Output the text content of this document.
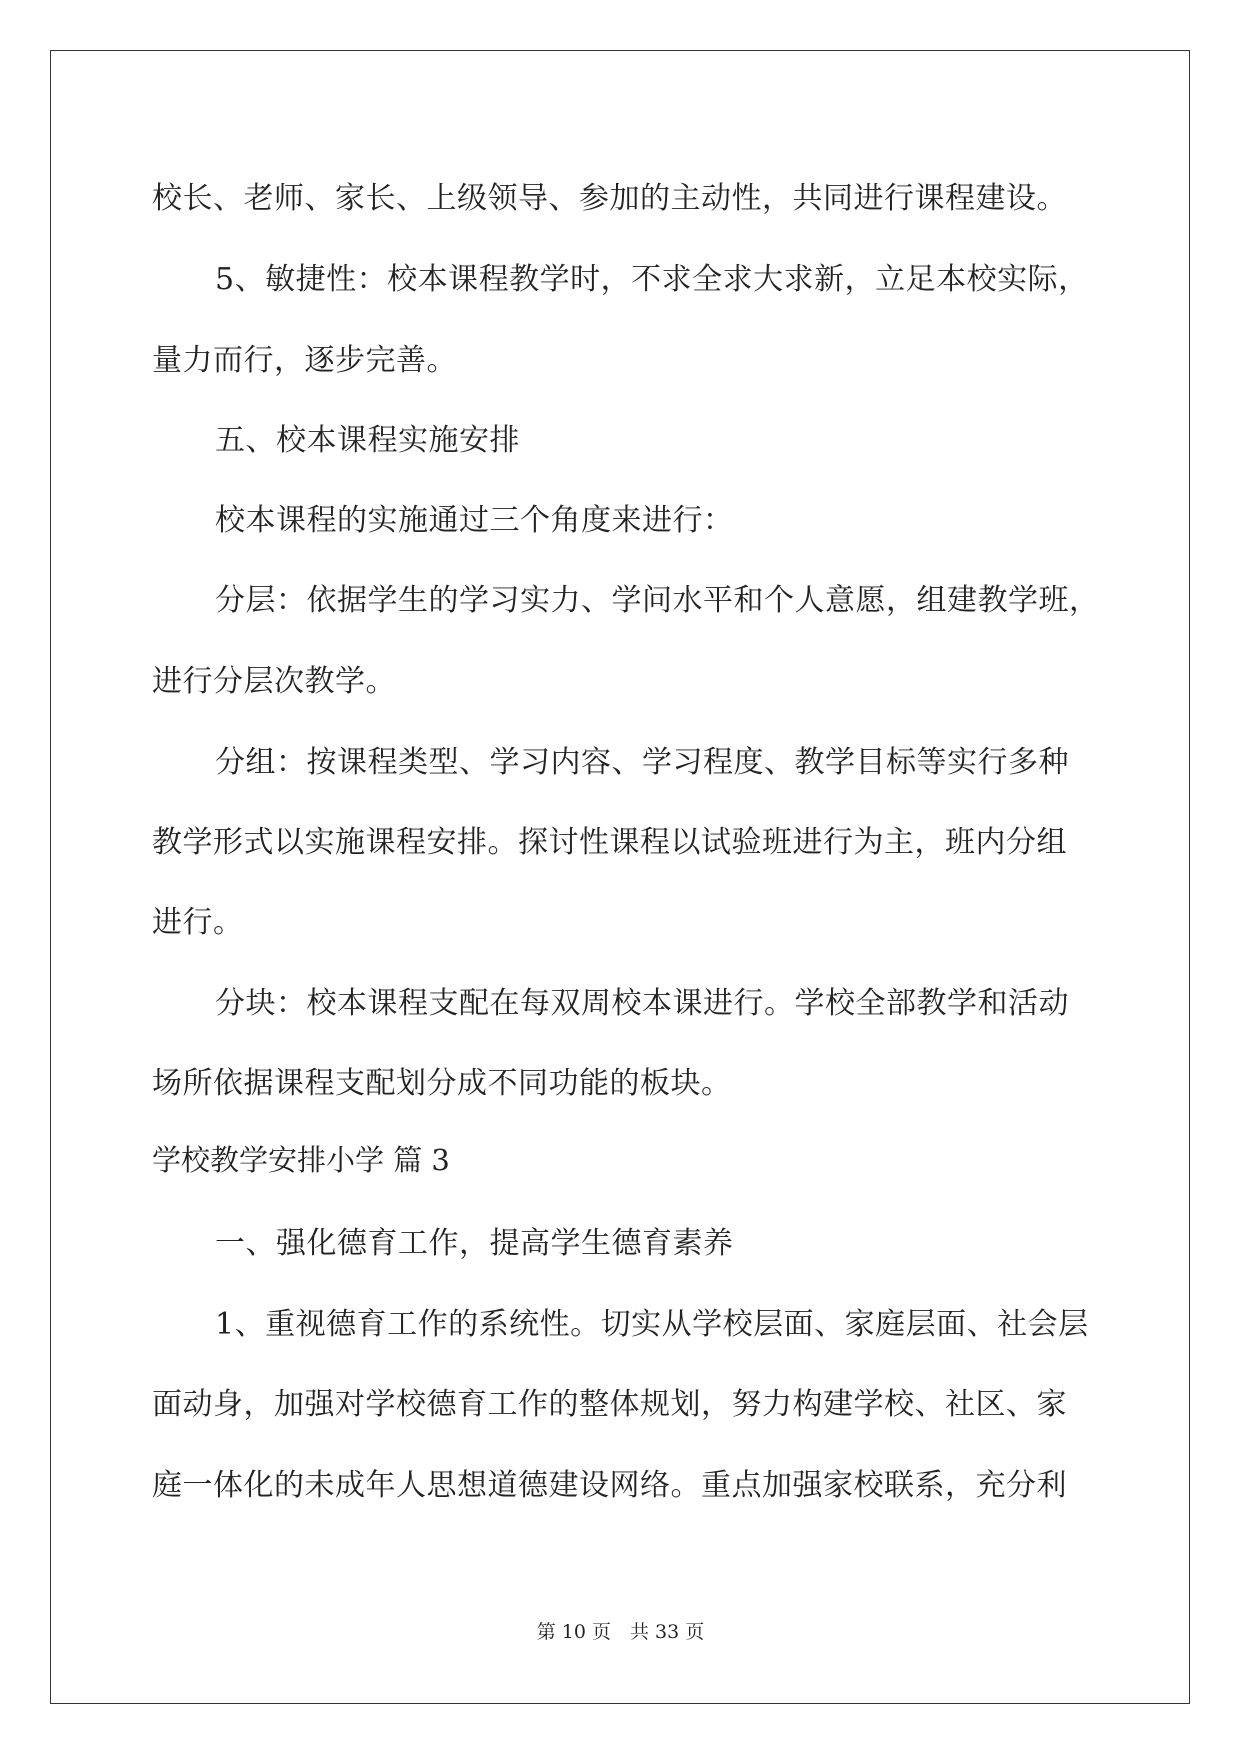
校长、老师、家长、上级领导、参加的主动性，共同进行课程建设。

5、敏捷性：校本课程教学时，不求全求大求新，立足本校实际，

量力而行，逐步完善。

五、校本课程实施安排

校本课程的实施通过三个角度来进行：

分层：依据学生的学习实力、学问水平和个人意愿，组建教学班，

进行分层次教学。

分组：按课程类型、学习内容、学习程度、教学目标等实行多种

教学形式以实施课程安排。探讨性课程以试验班进行为主，班内分组

进行。

分块：校本课程支配在每双周校本课进行。学校全部教学和活动

场所依据课程支配划分成不同功能的板块。

学校教学安排小学 篇 3

一、强化德育工作，提高学生德育素养

1、重视德育工作的系统性。切实从学校层面、家庭层面、社会层

面动身，加强对学校德育工作的整体规划，努力构建学校、社区、家

庭一体化的未成年人思想道德建设网络。重点加强家校联系，充分利

第 10 页　共 33 页
